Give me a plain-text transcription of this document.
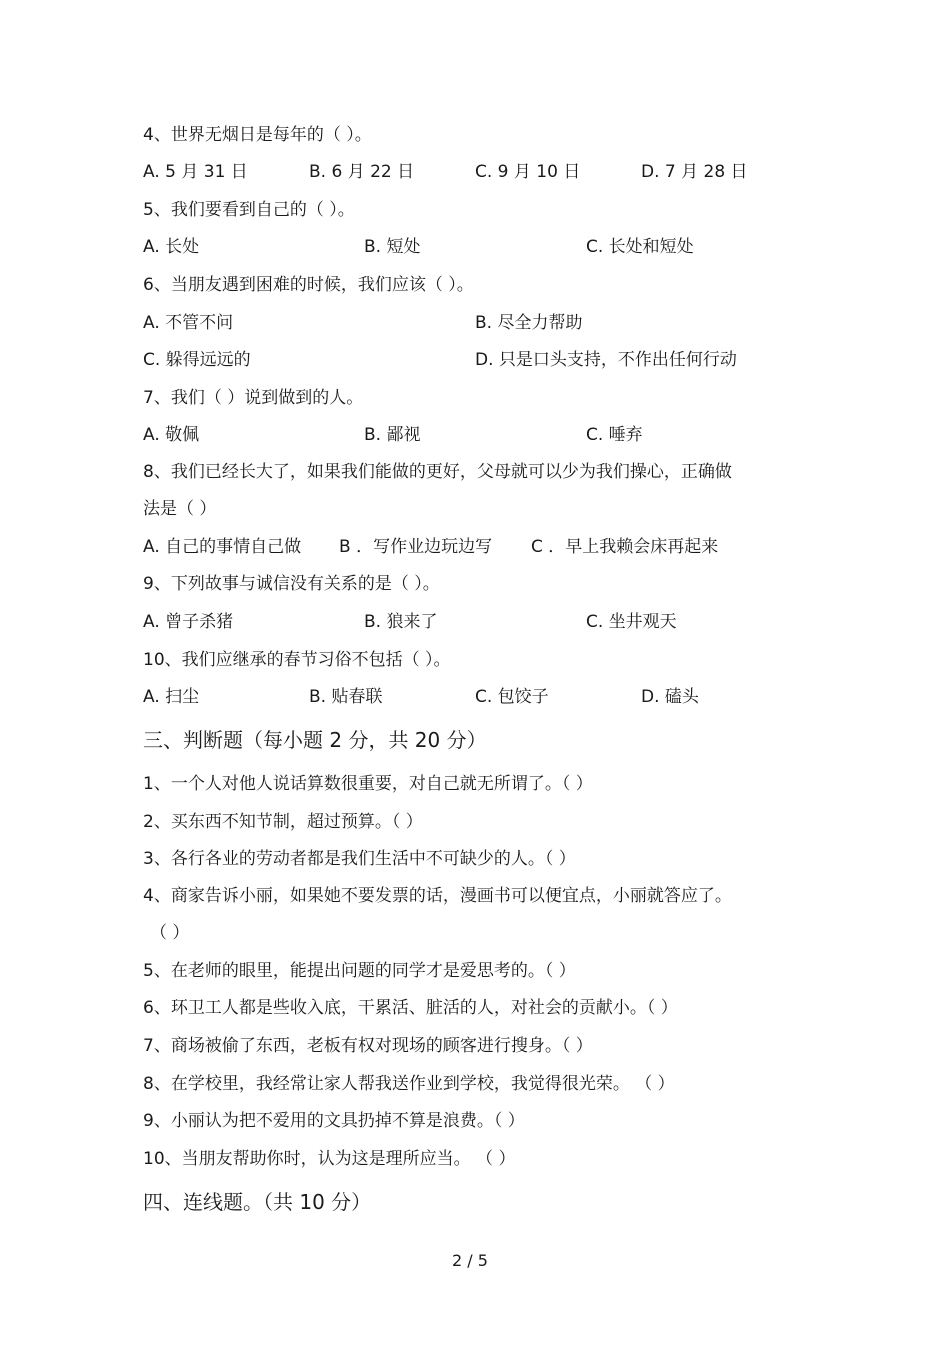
4、世界无烟日是每年的（ ）。
A. 5 月 31 日	B. 6 月 22 日	C. 9 月 10 日	D. 7 月 28 日
5、我们要看到自己的（ ）。
A. 长处	B. 短处	C. 长处和短处
6、当朋友遇到困难的时候，我们应该（ ）。
A. 不管不问	B. 尽全力帮助
C. 躲得远远的	D. 只是口头支持，不作出任何行动
7、我们（ ）说到做到的人。
A. 敬佩	B. 鄙视	C. 唾弃
8、我们已经长大了，如果我们能做的更好，父母就可以少为我们操心，正确做
法是（ ）
A. 自己的事情自己做 B ．写作业边玩边写 C ．早上我赖会床再起来
9、下列故事与诚信没有关系的是（ ）。
A. 曾子杀猪	B. 狼来了	C. 坐井观天
10、我们应继承的春节习俗不包括（ ）。
A. 扫尘	B. 贴春联	C. 包饺子	D. 磕头
三、判断题（每小题 2 分，共 20 分）
1、一个人对他人说话算数很重要，对自己就无所谓了。（ ）
2、买东西不知节制，超过预算。（ ）
3、各行各业的劳动者都是我们生活中不可缺少的人。（ ）
4、商家告诉小丽，如果她不要发票的话，漫画书可以便宜点，小丽就答应了。
（ ）
5、在老师的眼里，能提出问题的同学才是爱思考的。（ ）
6、环卫工人都是些收入底，干累活、脏活的人，对社会的贡献小。（ ）
7、商场被偷了东西，老板有权对现场的顾客进行搜身。（ ）
8、在学校里，我经常让家人帮我送作业到学校，我觉得很光荣。 （ ）
9、小丽认为把不爱用的文具扔掉不算是浪费。（ ）
10、当朋友帮助你时，认为这是理所应当。 （ ）
四、连线题。（共 10 分）
2 / 5
